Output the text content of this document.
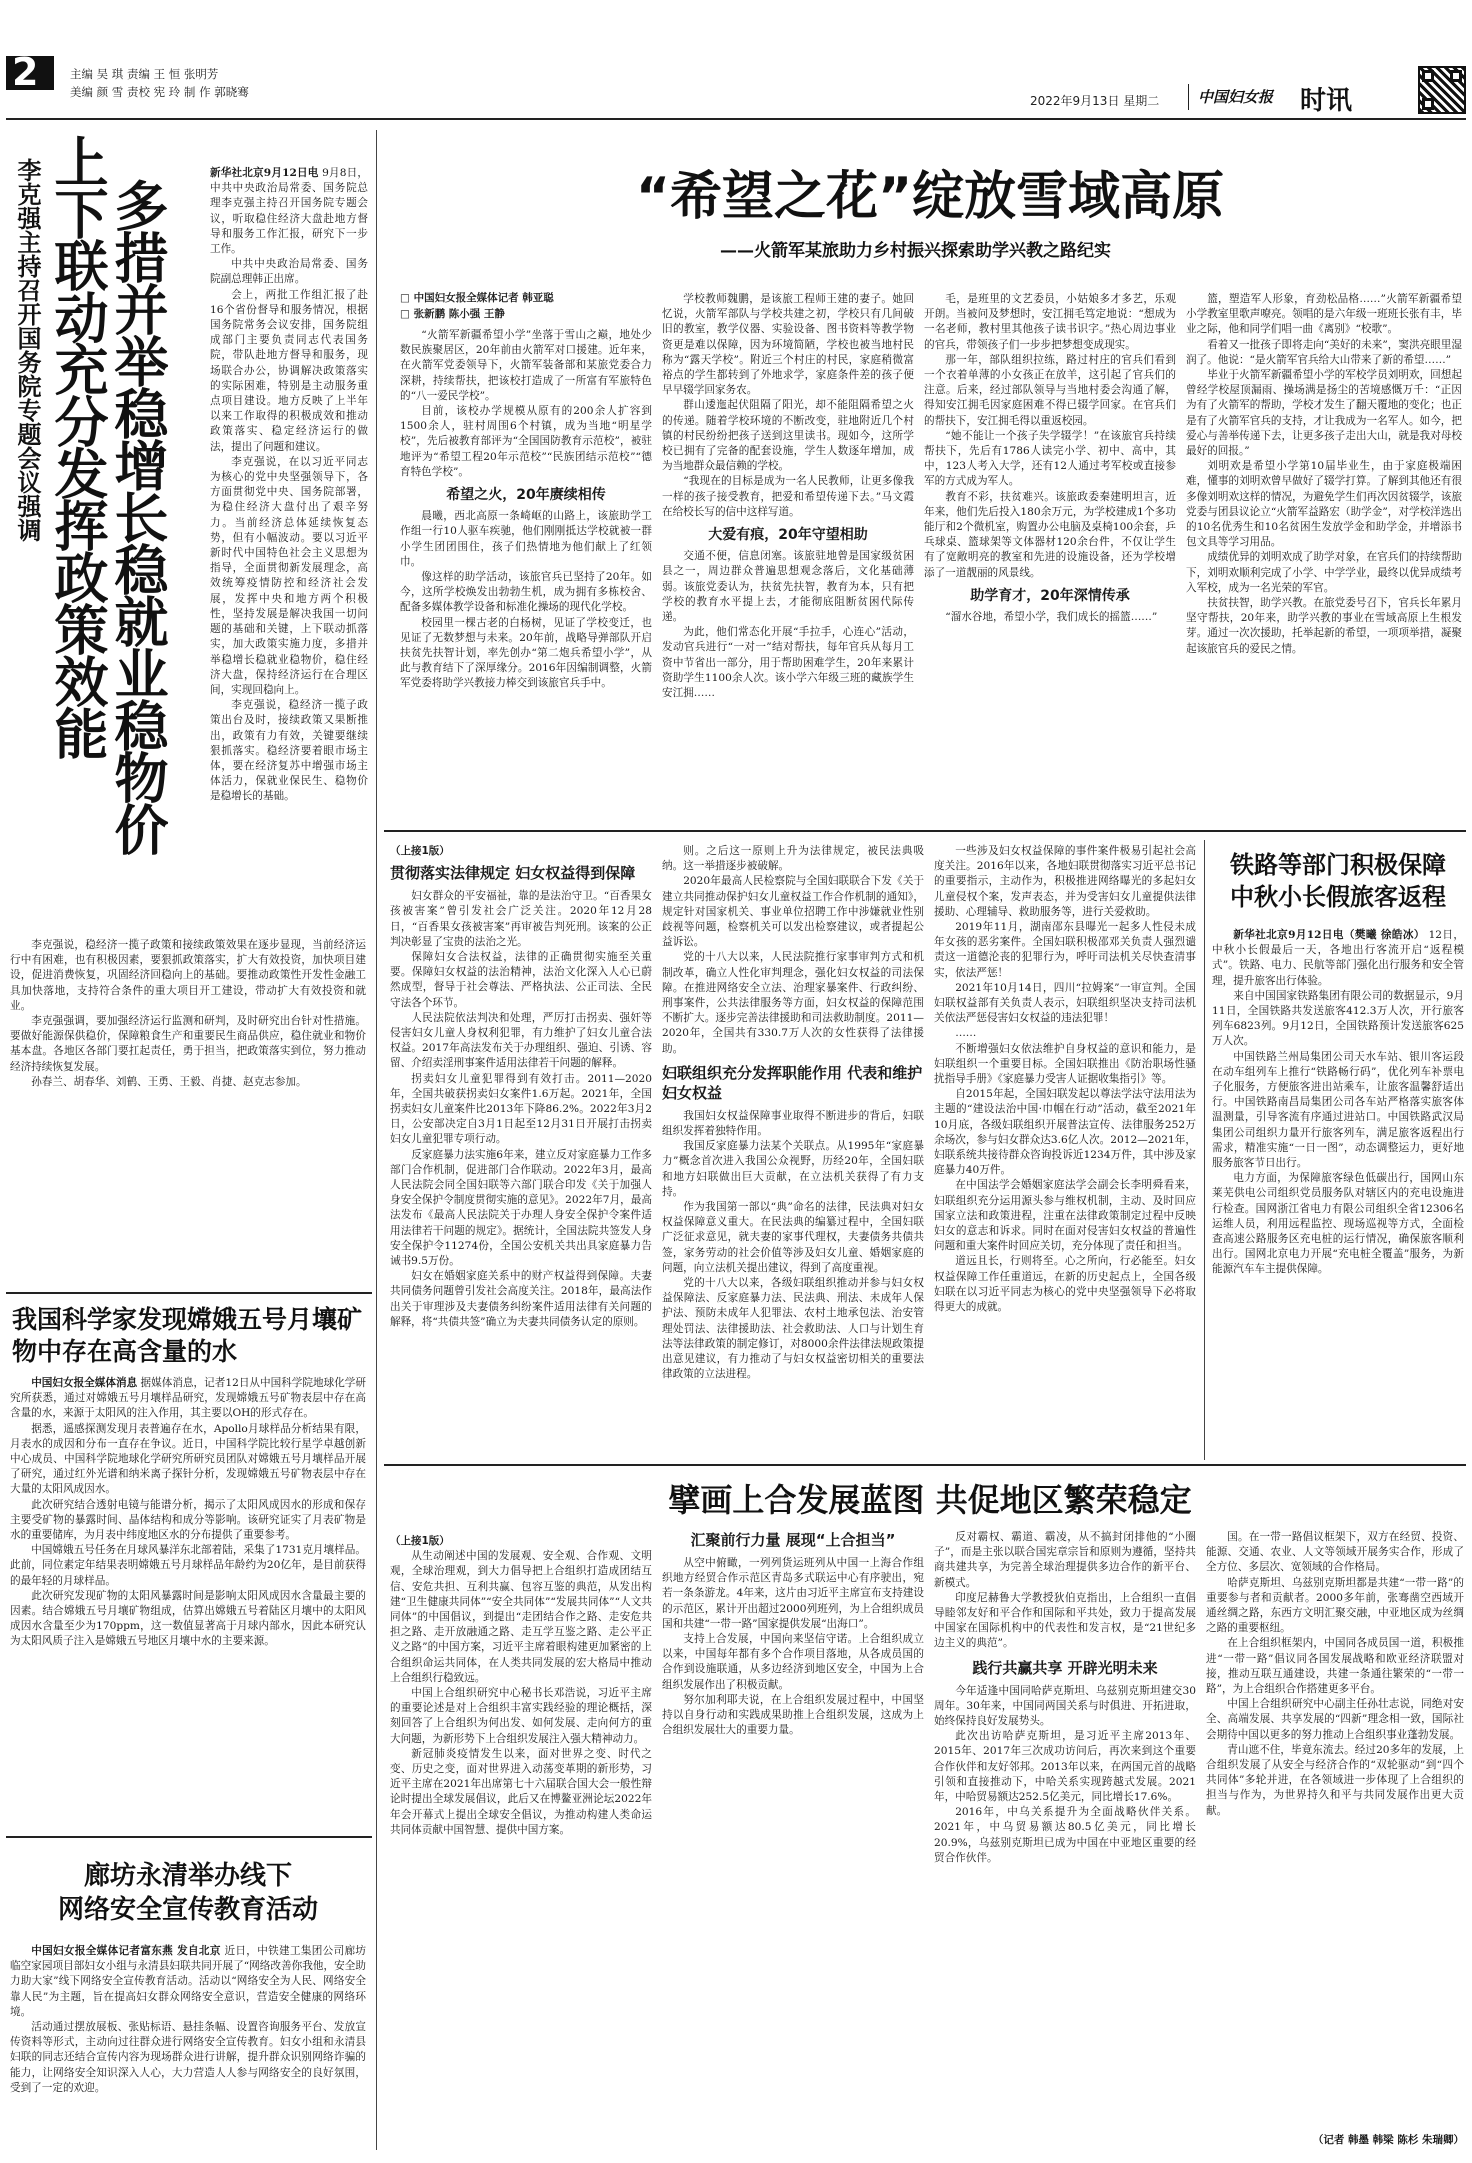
2	主编 吴 琪 责编 王 恒 张明芳
美编 颜 雪 责校 宪 玲 制 作 郭晓骞
2022年9月13日 星期二	中国妇女报 时讯
李克强主持召开国务院专题会议强调 多措并举稳增长稳就业稳物价
上下联动充分发挥政策效能	新华社北京9月12日电 9月8日，中共中央政治局常委、国务院总理李克强主持召开国务院专题会议，听取稳住经济大盘赴地方督导和服务工作汇报，研究下一步工作。

中共中央政治局常委、国务院副总理韩正出席。

会上，两批工作组汇报了赴16个省份督导和服务情况，根据国务院常务会议安排，国务院组成部门主要负责同志代表国务院，带队赴地方督导和服务，现场联合办公，协调解决政策落实的实际困难，特别是主动服务重点项目建设。地方反映了上半年以来工作取得的积极成效和推动政策落实、稳定经济运行的做法，提出了问题和建议。

李克强说，在以习近平同志为核心的党中央坚强领导下，各方面贯彻党中央、国务院部署，为稳住经济大盘付出了艰辛努力。当前经济总体延续恢复态势，但有小幅波动。要以习近平新时代中国特色社会主义思想为指导，全面贯彻新发展理念，高效统筹疫情防控和经济社会发展，发挥中央和地方两个积极性，坚持发展是解决我国一切问题的基础和关键，上下联动抓落实，加大政策实施力度，多措并举稳增长稳就业稳物价，稳住经济大盘，保持经济运行在合理区间，实现回稳向上。

李克强说，稳经济一揽子政策出台及时，接续政策又果断推出，政策有力有效，关键要继续狠抓落实。稳经济要着眼市场主体，要在经济复苏中增强市场主体活力，保就业保民生、稳物价是稳增长的基础。

李克强说，稳经济一揽子政策和接续政策效果在逐步显现，当前经济运行中有困难，也有积极因素，要狠抓政策落实，扩大有效投资，加快项目建设，促进消费恢复，巩固经济回稳向上的基础。要推动政策性开发性金融工具加快落地，支持符合条件的重大项目开工建设，带动扩大有效投资和就业。

李克强强调，要加强经济运行监测和研判，及时研究出台针对性措施。要做好能源保供稳价，保障粮食生产和重要民生商品供应，稳住就业和物价基本盘。各地区各部门要扛起责任，勇于担当，把政策落实到位，努力推动经济持续恢复发展。

孙春兰、胡春华、刘鹤、王勇、王毅、肖捷、赵克志参加。

我国科学家发现嫦娥五号月壤矿物中存在高含量的水

中国妇女报全媒体消息 据媒体消息，记者12日从中国科学院地球化学研究所获悉，通过对嫦娥五号月壤样品研究，发现嫦娥五号矿物表层中存在高含量的水，来源于太阳风的注入作用，其主要以OH的形式存在。

据悉，遥感探测发现月表普遍存在水，Apollo月球样品分析结果有限，月表水的成因和分布一直存在争议。近日，中国科学院比较行星学卓越创新中心成员、中国科学院地球化学研究所研究员团队对嫦娥五号月壤样品开展了研究，通过红外光谱和纳米离子探针分析，发现嫦娥五号矿物表层中存在大量的太阳风成因水。

此次研究结合透射电镜与能谱分析，揭示了太阳风成因水的形成和保存主要受矿物的暴露时间、晶体结构和成分等影响。该研究证实了月表矿物是水的重要储库，为月表中纬度地区水的分布提供了重要参考。

中国嫦娥五号任务在月球风暴洋东北部着陆，采集了1731克月壤样品。此前，同位素定年结果表明嫦娥五号月球样品年龄约为20亿年，是目前获得的最年轻的月球样品。

此次研究发现矿物的太阳风暴露时间是影响太阳风成因水含量最主要的因素。结合嫦娥五号月壤矿物组成，估算出嫦娥五号着陆区月壤中的太阳风成因水含量至少为170ppm，这一数值显著高于月球内部水，因此本研究认为太阳风质子注入是嫦娥五号地区月壤中水的主要来源。

廊坊永清举办线下
网络安全宣传教育活动

中国妇女报全媒体记者富东燕 发自北京 近日，中铁建工集团公司廊坊临空家园项目部妇女小组与永清县妇联共同开展了“网络改善你我他，安全助力助大家”线下网络安全宣传教育活动。活动以“网络安全为人民、网络安全靠人民”为主题，旨在提高妇女群众网络安全意识，营造安全健康的网络环境。

活动通过摆放展板、张贴标语、悬挂条幅、设置咨询服务平台、发放宣传资料等形式，主动向过往群众进行网络安全宣传教育。妇女小组和永清县妇联的同志还结合宣传内容为现场群众进行讲解，提升群众识别网络诈骗的能力，让网络安全知识深入人心，大力营造人人参与网络安全的良好氛围，受到了一定的欢迎。

“希望之花”绽放雪域高原
——火箭军某旅助力乡村振兴探索助学兴教之路纪实
□ 中国妇女报全媒体记者 韩亚聪
□ 张新鹏 陈小强 王静

“火箭军新疆希望小学”坐落于雪山之巅，地处少数民族聚居区，20年前由火箭军对口援建。近年来，在火箭军党委领导下，火箭军装备部和某旅党委合力深耕，持续帮扶，把该校打造成了一所富有军旅特色的“八一爱民学校”。

目前，该校办学规模从原有的200余人扩容到1500余人，驻村周围6个村镇，成为当地“明星学校”，先后被教育部评为“全国国防教育示范校”，被驻地评为“希望工程20年示范校”“民族团结示范校”“德育特色学校”。

希望之火，20年赓续相传

晨曦，西北高原一条崎岖的山路上，该旅助学工作组一行10人驱车疾驰，他们刚刚抵达学校就被一群小学生团团围住，孩子们热情地为他们献上了红领巾。

像这样的助学活动，该旅官兵已坚持了20年。如今，这所学校焕发出勃勃生机，成为拥有多栋校舍、配备多媒体教学设备和标准化操场的现代化学校。

校园里一棵古老的白杨树，见证了学校变迁，也见证了无数梦想与未来。20年前，战略导弹部队开启扶贫先扶智计划，率先创办“第二炮兵希望小学”，从此与教育结下了深厚缘分。2016年因编制调整，火箭军党委将助学兴教接力棒交到该旅官兵手中。

学校教师魏鹏，是该旅工程师王建的妻子。她回忆说，火箭军部队与学校共建之初，学校只有几间破旧的教室，教学仪器、实验设备、图书资料等教学物资更是难以保障，因为环境简陋，学校也被当地村民称为“露天学校”。附近三个村庄的村民，家庭稍微富裕点的学生都转到了外地求学，家庭条件差的孩子便早早辍学回家务农。

群山逶迤起伏阻隔了阳光，却不能阻隔希望之火的传递。随着学校环境的不断改变，驻地附近几个村镇的村民纷纷把孩子送到这里读书。现如今，这所学校已拥有了完备的配套设施，学生人数逐年增加，成为当地群众最信赖的学校。

“我现在的目标是成为一名人民教师，让更多像我一样的孩子接受教育，把爱和希望传递下去。”马文霞在给校长写的信中这样写道。

大爱有痕，20年守望相助

交通不便，信息闭塞。该旅驻地曾是国家级贫困县之一，周边群众普遍思想观念落后，文化基础薄弱。该旅党委认为，扶贫先扶智，教育为本，只有把学校的教育水平提上去，才能彻底阻断贫困代际传递。

为此，他们常态化开展“手拉手，心连心”活动，发动官兵进行“一对一”结对帮扶，每年官兵从每月工资中节省出一部分，用于帮助困难学生，20年来累计资助学生1100余人次。该小学六年级三班的藏族学生安江拥……

毛，是班里的文艺委员，小姑娘多才多艺，乐观开朗。当被问及梦想时，安江拥毛笃定地说：“想成为一名老师，教村里其他孩子读书识字。”热心周边事业的官兵，带领孩子们一步步把梦想变成现实。

那一年，部队组织拉练，路过村庄的官兵们看到一个衣着单薄的小女孩正在放羊，这引起了官兵们的注意。后来，经过部队领导与当地村委会沟通了解，得知安江拥毛因家庭困难不得已辍学回家。在官兵们的帮扶下，安江拥毛得以重返校园。

“她不能让一个孩子失学辍学！”在该旅官兵持续帮扶下，先后有1786人读完小学、初中、高中，其中，123人考入大学，还有12人通过考军校或直接参军的方式成为军人。

教育不彩，扶贫难兴。该旅政委秦建明坦言，近年来，他们先后投入180余万元，为学校建成1个多功能厅和2个微机室，购置办公电脑及桌椅100余套，乒乓球桌、篮球架等文体器材120余台件，不仅让学生有了宽敞明亮的教室和先进的设施设备，还为学校增添了一道靓丽的风景线。

助学育才，20年深情传承

“溜水谷地，希望小学，我们成长的摇篮……”

篮，塑造军人形象，育劲松品格……”火箭军新疆希望小学教室里歌声嘹亮。领唱的是六年级一班班长张有丰，毕业之际，他和同学们唱一曲《离别》“校歌”。

看着又一批孩子即将走向“美好的未来”，窦洪亮眼里湿润了。他说：“是火箭军官兵给大山带来了新的希望……”

毕业于火箭军新疆希望小学的军校学员刘明欢，回想起曾经学校屋顶漏雨、操场满是扬尘的苦境感慨万千：“正因为有了火箭军的帮助，学校才发生了翻天覆地的变化；也正是有了火箭军官兵的支持，才让我成为一名军人。如今，把爱心与善举传递下去，让更多孩子走出大山，就是我对母校最好的回报。”

刘明欢是希望小学第10届毕业生，由于家庭极端困难，懂事的刘明欢曾早做好了辍学打算。了解到其他还有很多像刘明欢这样的情况，为避免学生们再次因贫辍学，该旅党委与团县议论立“火箭军益路宏（助学金”，对学校洋选出的10名优秀生和10名贫困生发放学金和助学金，并增添书包文具等学习用品。

成绩优异的刘明欢成了助学对象，在官兵们的持续帮助下，刘明欢顺利完成了小学、中学学业，最终以优异成绩考入军校，成为一名光荣的军官。

扶贫扶智，助学兴教。在旅党委号召下，官兵长年累月坚守帮扶，20年来，助学兴教的事业在雪域高原上生根发芽。通过一次次援助，托举起新的希望，一项项举措，凝聚起该旅官兵的爱民之情。

（上接1版）
贯彻落实法律规定 妇女权益得到保障

妇女群众的平安福祉，靠的是法治守卫。“百香果女孩被害案”曾引发社会广泛关注。2020年12月28日，“百香果女孩被害案”再审被告判死刑。该案的公正判决彰显了宝贵的法治之光。

保障妇女合法权益，法律的正确贯彻实施至关重要。保障妇女权益的法治精神，法治文化深入人心已蔚然成型，督导于社会尊法、严格执法、公正司法、全民守法各个环节。

人民法院依法判决和处理，严厉打击拐卖、强奸等侵害妇女儿童人身权利犯罪，有力维护了妇女儿童合法权益。2017年高法发布关于办理组织、强迫、引诱、容留、介绍卖淫刑事案件适用法律若干问题的解释。

拐卖妇女儿童犯罪得到有效打击。2011—2020年，全国共破获拐卖妇女案件1.6万起。2021年，全国拐卖妇女儿童案件比2013年下降86.2%。2022年3月2日，公安部决定自3月1日起至12月31日开展打击拐卖妇女儿童犯罪专项行动。

反家庭暴力法实施6年来，建立反对家庭暴力工作多部门合作机制，促进部门合作联动。2022年3月，最高人民法院会同全国妇联等六部门联合印发《关于加强人身安全保护令制度贯彻实施的意见》。2022年7月，最高法发布《最高人民法院关于办理人身安全保护令案件适用法律若干问题的规定》。据统计，全国法院共签发人身安全保护令11274份，全国公安机关共出具家庭暴力告诫书9.5万份。

妇女在婚姻家庭关系中的财产权益得到保障。夫妻共同债务问题曾引发社会高度关注。2018年，最高法作出关于审理涉及夫妻债务纠纷案件适用法律有关问题的解释，将“共债共签”确立为夫妻共同债务认定的原则。

则。之后这一原则上升为法律规定，被民法典吸纳。这一举措逐步被破解。

2020年最高人民检察院与全国妇联联合下发《关于建立共同推动保护妇女儿童权益工作合作机制的通知》，规定针对国家机关、事业单位招聘工作中涉嫌就业性别歧视等问题，检察机关可以发出检察建议，或者提起公益诉讼。

党的十八大以来，人民法院推行家事审判方式和机制改革，确立人性化审判理念，强化妇女权益的司法保障。在推进网络安全立法、治理家暴案件、行政纠纷、刑事案件，公共法律服务等方面，妇女权益的保障范围不断扩大。逐步完善法律援助和司法救助制度。2011—2020年，全国共有330.7万人次的女性获得了法律援助。

妇联组织充分发挥职能作用 代表和维护妇女权益

我国妇女权益保障事业取得不断进步的背后，妇联组织发挥着独特作用。

我国反家庭暴力法某个关联点。从1995年“家庭暴力”概念首次进入我国公众视野，历经20年，全国妇联和地方妇联做出巨大贡献，在立法机关获得了有力支持。

作为我国第一部以“典”命名的法律，民法典对妇女权益保障意义重大。在民法典的编纂过程中，全国妇联广泛征求意见，就夫妻的家事代理权，夫妻债务共债共签，家务劳动的社会价值等涉及妇女儿童、婚姻家庭的问题，向立法机关提出建议，得到了高度重视。

党的十八大以来，各级妇联组织推动并参与妇女权益保障法、反家庭暴力法、民法典、刑法、未成年人保护法、预防未成年人犯罪法、农村土地承包法、治安管理处罚法、法律援助法、社会救助法、人口与计划生育法等法律政策的制定修订，对8000余件法律法规政策提出意见建议，有力推动了与妇女权益密切相关的重要法律政策的立法进程。

一些涉及妇女权益保障的事件案件极易引起社会高度关注。2016年以来，各地妇联贯彻落实习近平总书记的重要指示，主动作为，积极推进网络曝光的多起妇女儿童侵权个案，发声表态，并为受害妇女儿童提供法律援助、心理辅导、救助服务等，进行关爱救助。

2019年11月，湖南邵东县曝光一起多人性侵未成年女孩的恶劣案件。全国妇联积极邵邓关负责人强烈谴责这一道德沦丧的犯罪行为，呼吁司法机关尽快查清事实，依法严惩！

2021年10月14日，四川“拉姆案”一审宣判。全国妇联权益部有关负责人表示，妇联组织坚决支持司法机关依法严惩侵害妇女权益的违法犯罪！

……

不断增强妇女依法维护自身权益的意识和能力，是妇联组织一个重要目标。全国妇联推出《防治职场性骚扰指导手册》《家庭暴力受害人证据收集指引》等。

自2015年起，全国妇联发起以尊法学法守法用法为主题的“建设法治中国·巾帼在行动”活动，截至2021年10月底，各级妇联组织开展普法宣传、法律服务252万余场次，参与妇女群众达3.6亿人次。2012—2021年，妇联系统共接待群众咨询投诉近1234万件，其中涉及家庭暴力40万件。

在中国法学会婚姻家庭法学会副会长李明舜看来，妇联组织充分运用源头参与维权机制，主动、及时回应国家立法和政策进程，注重在法律政策制定过程中反映妇女的意志和诉求。同时在面对侵害妇女权益的普遍性问题和重大案件时回应关切，充分体现了责任和担当。

道远且长，行则将至。心之所向，行必能至。妇女权益保障工作任重道远，在新的历史起点上，全国各级妇联在以习近平同志为核心的党中央坚强领导下必将取得更大的成就。

铁路等部门积极保障
中秋小长假旅客返程

新华社北京9月12日电（樊曦 徐皓冰） 12日，中秋小长假最后一天，各地出行客流开启“返程模式”。铁路、电力、民航等部门强化出行服务和安全管理，提升旅客出行体验。

来自中国国家铁路集团有限公司的数据显示，9月11日，全国铁路共发送旅客412.3万人次，开行旅客列车6823列。9月12日，全国铁路预计发送旅客625万人次。

中国铁路兰州局集团公司天水车站、银川客运段在动车组列车上推行“铁路畅行码”，优化列车补票电子化服务，方便旅客进出站乘车，让旅客温馨舒适出行。中国铁路南昌局集团公司各车站严格落实旅客体温测量，引导客流有序通过进站口。中国铁路武汉局集团公司组织力量开行旅客列车，满足旅客返程出行需求，精准实施“一日一图”，动态调整运力，更好地服务旅客节日出行。

电力方面，为保障旅客绿色低碳出行，国网山东莱芜供电公司组织党员服务队对辖区内的充电设施进行检查。国网浙江省电力有限公司组织全省12306名运维人员，利用远程监控、现场巡视等方式，全面检查高速公路服务区充电桩的运行情况，确保旅客顺利出行。国网北京电力开展“充电桩全覆盖”服务，为新能源汽车车主提供保障。

擘画上合发展蓝图 共促地区繁荣稳定
（上接1版）

从生动阐述中国的发展观、安全观、合作观、文明观，全球治理观，到大力倡导把上合组织打造成团结互信、安危共担、互利共赢、包容互鉴的典范，从发出构建“卫生健康共同体”“安全共同体”“发展共同体”“人文共同体”的中国倡议，到提出“走团结合作之路、走安危共担之路、走开放融通之路、走互学互鉴之路、走公平正义之路”的中国方案，习近平主席着眼构建更加紧密的上合组织命运共同体，在人类共同发展的宏大格局中推动上合组织行稳致远。

中国上合组织研究中心秘书长邓浩说，习近平主席的重要论述是对上合组织丰富实践经验的理论概括，深刻回答了上合组织为何出发、如何发展、走向何方的重大问题，为新形势下上合组织发展注入强大精神动力。

新冠肺炎疫情发生以来，面对世界之变、时代之变、历史之变，面对世界进入动荡变革期的新形势，习近平主席在2021年出席第七十六届联合国大会一般性辩论时提出全球发展倡议，此后又在博鳌亚洲论坛2022年年会开幕式上提出全球安全倡议，为推动构建人类命运共同体贡献中国智慧、提供中国方案。

汇聚前行力量 展现“上合担当”

从空中俯瞰，一列列货运班列从中国一上海合作组织地方经贸合作示范区青岛多式联运中心有序驶出，宛若一条条游龙。4年来，这片由习近平主席宣布支持建设的示范区，累计开出超过2000列班列，为上合组织成员国和共建“一带一路”国家提供发展“出海口”。

支持上合发展，中国向来坚信守诺。上合组织成立以来，中国每年都有多个合作项目落地，从各成员国的合作到设施联通，从多边经济到地区安全，中国为上合组织发展作出了积极贡献。

努尔加利耶夫说，在上合组织发展过程中，中国坚持以自身行动和实践成果助推上合组织发展，这成为上合组织发展壮大的重要力量。

反对霸权、霸道、霸凌，从不搞封闭排他的“小圈子”，而是主张以联合国宪章宗旨和原则为遵循，坚持共商共建共享，为完善全球治理提供多边合作的新平台、新模式。

印度尼赫鲁大学教授狄伯克指出，上合组织一直倡导睦邻友好和平合作和国际和平共处，致力于提高发展中国家在国际机构中的代表性和发言权，是“21世纪多边主义的典范”。

践行共赢共享 开辟光明未来

今年适逢中国同哈萨克斯坦、乌兹别克斯坦建交30周年。30年来，中国同两国关系与时俱进、开拓进取，始终保持良好发展势头。

此次出访哈萨克斯坦，是习近平主席2013年、2015年、2017年三次成功访问后，再次来到这个重要合作伙伴和友好邻邦。2013年以来，在两国元首的战略引领和直接推动下，中哈关系实现跨越式发展。2021年，中哈贸易额达252.5亿美元，同比增长17.6%。

2016年，中乌关系提升为全面战略伙伴关系。2021年，中乌贸易额达80.5亿美元，同比增长20.9%，乌兹别克斯坦已成为中国在中亚地区重要的经贸合作伙伴。

国。在一带一路倡议框架下，双方在经贸、投资、能源、交通、农业、人文等领域开展务实合作，形成了全方位、多层次、宽领域的合作格局。

哈萨克斯坦、乌兹别克斯坦都是共建“一带一路”的重要参与者和贡献者。2000多年前，张骞凿空西域开通丝绸之路，东西方文明汇聚交融，中亚地区成为丝绸之路的重要枢纽。

在上合组织框架内，中国同各成员国一道，积极推进“一带一路”倡议同各国发展战略和欧亚经济联盟对接，推动互联互通建设，共建一条通往繁荣的“一带一路”，为上合组织合作搭建更多平台。

中国上合组织研究中心副主任孙壮志说，同绝对安全、高端发展、共享发展的“四新”理念相一致，国际社会期待中国以更多的努力推动上合组织事业蓬勃发展。

青山遮不住，毕竟东流去。经过20多年的发展，上合组织发展了从安全与经济合作的“双轮驱动”到“四个共同体”多轮并进，在各领域进一步体现了上合组织的担当与作为，为世界持久和平与共同发展作出更大贡献。

（记者 韩墨 韩梁 陈杉 朱瑞卿）
